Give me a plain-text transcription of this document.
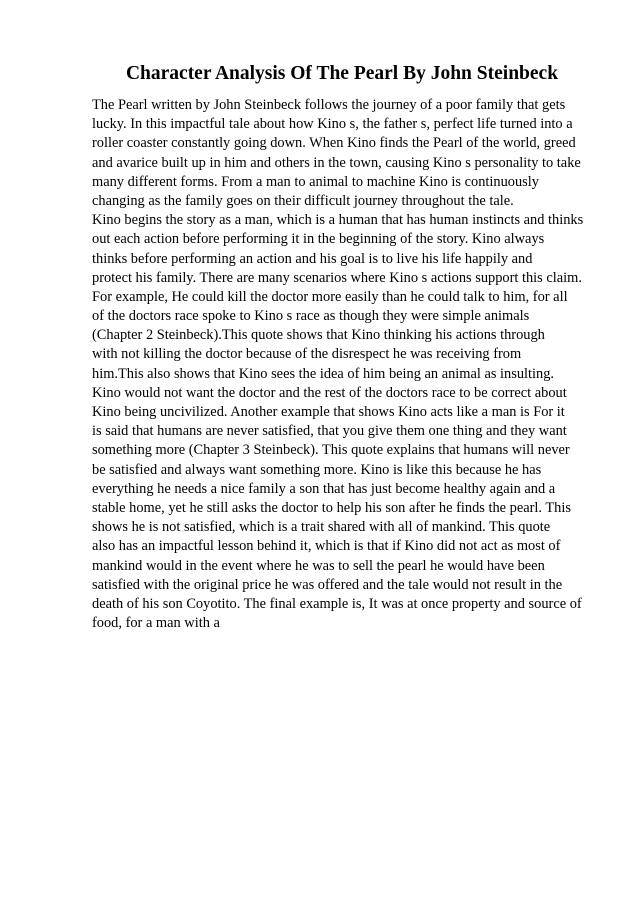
Character Analysis Of The Pearl By John Steinbeck
The Pearl written by John Steinbeck follows the journey of a poor family that gets
lucky. In this impactful tale about how Kino s, the father s, perfect life turned into a
roller coaster constantly going down. When Kino finds the Pearl of the world, greed
and avarice built up in him and others in the town, causing Kino s personality to take
many different forms. From a man to animal to machine Kino is continuously
changing as the family goes on their difficult journey throughout the tale.
Kino begins the story as a man, which is a human that has human instincts and thinks
out each action before performing it in the beginning of the story. Kino always
thinks before performing an action and his goal is to live his life happily and
protect his family. There are many scenarios where Kino s actions support this claim.
For example, He could kill the doctor more easily than he could talk to him, for all
of the doctors race spoke to Kino s race as though they were simple animals
(Chapter 2 Steinbeck).This quote shows that Kino thinking his actions through
with not killing the doctor because of the disrespect he was receiving from
him.This also shows that Kino sees the idea of him being an animal as insulting.
Kino would not want the doctor and the rest of the doctors race to be correct about
Kino being uncivilized. Another example that shows Kino acts like a man is For it
is said that humans are never satisfied, that you give them one thing and they want
something more (Chapter 3 Steinbeck). This quote explains that humans will never
be satisfied and always want something more. Kino is like this because he has
everything he needs a nice family a son that has just become healthy again and a
stable home, yet he still asks the doctor to help his son after he finds the pearl. This
shows he is not satisfied, which is a trait shared with all of mankind. This quote
also has an impactful lesson behind it, which is that if Kino did not act as most of
mankind would in the event where he was to sell the pearl he would have been
satisfied with the original price he was offered and the tale would not result in the
death of his son Coyotito. The final example is, It was at once property and source of
food, for a man with a
